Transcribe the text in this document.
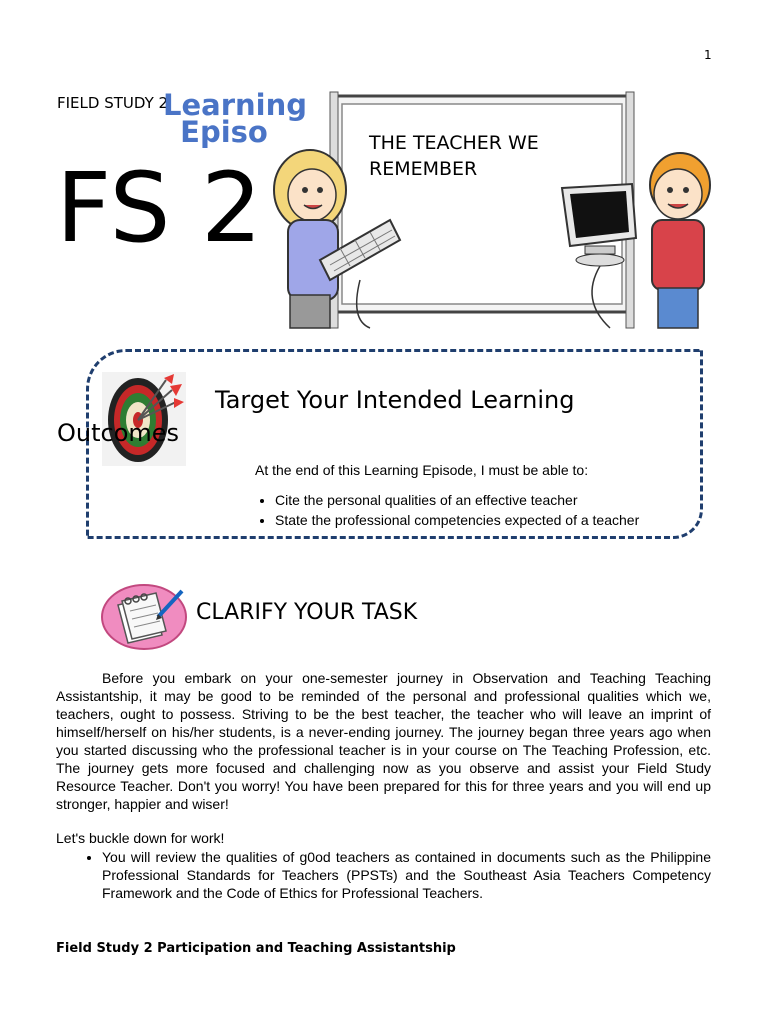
1
THE TEACHER WE REMEMBER
FIELD STUDY 2
Learning Episo
FS 2
Target Your Intended Learning
Outcomes
At the end of this Learning Episode, I must be able to:
• Cite the personal qualities of an effective teacher
• State the professional competencies expected of a teacher
CLARIFY YOUR TASK
Before you embark on your one-semester journey in Observation and Teaching Teaching Assistantship, it may be good to be reminded of the personal and professional qualities which we, teachers, ought to possess. Striving to be the best teacher, the teacher who will leave an imprint of himself/herself on his/her students, is a never-ending journey. The journey began three years ago when you started discussing who the professional teacher is in your course on The Teaching Profession, etc. The journey gets more focused and challenging now as you observe and assist your Field Study Resource Teacher. Don't you worry! You have been prepared for this for three years and you will end up stronger, happier and wiser!
Let's buckle down for work!
• You will review the qualities of g0od teachers as contained in documents such as the Philippine Professional Standards for Teachers (PPSTs) and the Southeast Asia Teachers Competency Framework and the Code of Ethics for Professional Teachers.
Field Study 2 Participation and Teaching Assistantship
